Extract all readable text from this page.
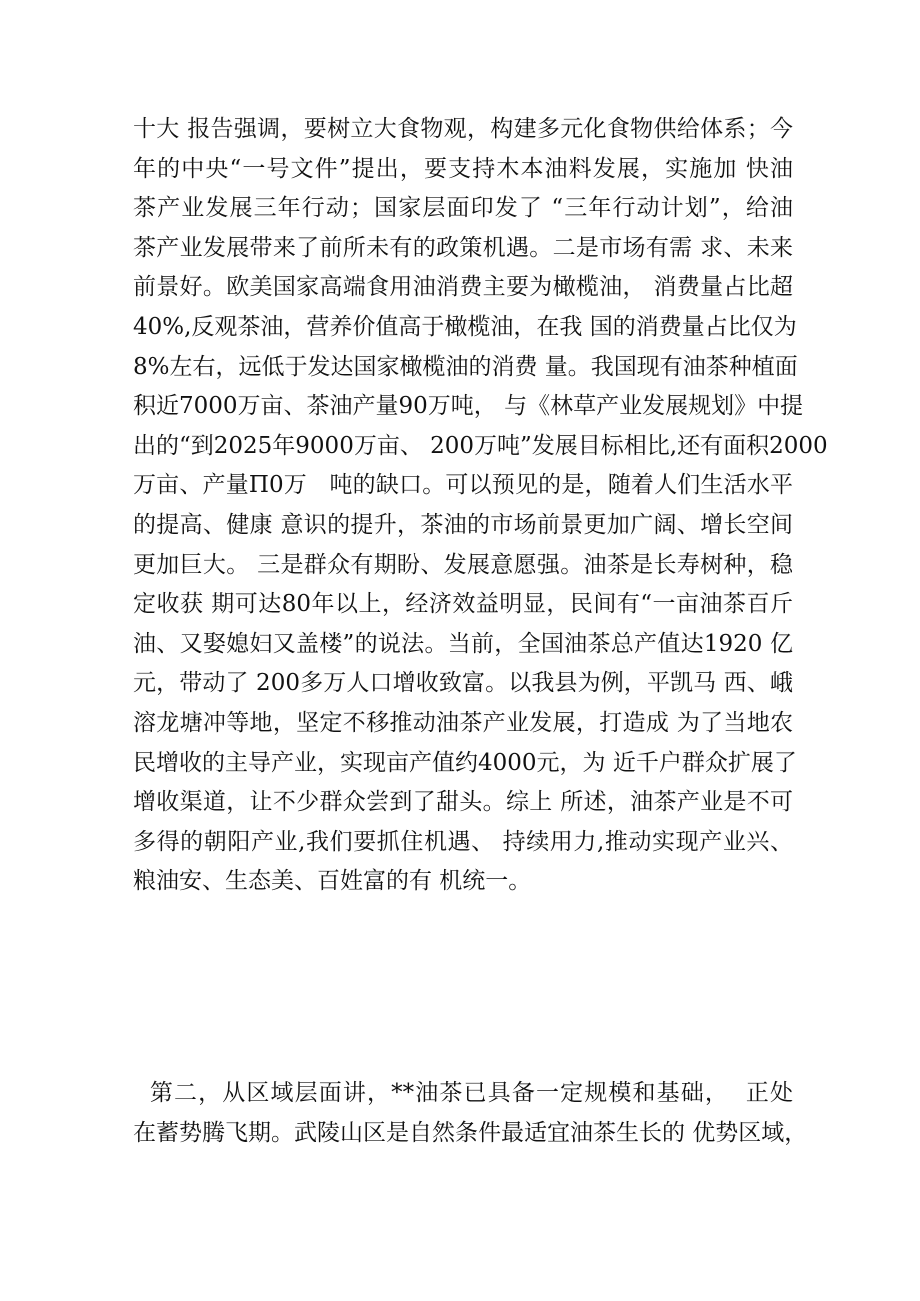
十大 报告强调，要树立大食物观，构建多元化食物供给体系；今
年的中央“一号文件”提出，要支持木本油料发展，实施加 快油
茶产业发展三年行动；国家层面印发了 “三年行动计划”，给油
茶产业发展带来了前所未有的政策机遇。二是市场有需 求、未来
前景好。欧美国家高端食用油消费主要为橄榄油， 消费量占比超
40%,反观茶油，营养价值高于橄榄油，在我 国的消费量占比仅为
8%左右，远低于发达国家橄榄油的消费 量。我国现有油茶种植面
积近7000万亩、茶油产量90万吨， 与《林草产业发展规划》中提
出的“到2025年9000万亩、 200万吨”发展目标相比,还有面积2000
万亩、产量Π0万   吨的缺口。可以预见的是，随着人们生活水平
的提高、健康 意识的提升，茶油的市场前景更加广阔、增长空间
更加巨大。 三是群众有期盼、发展意愿强。油茶是长寿树种，稳
定收获 期可达80年以上，经济效益明显，民间有“一亩油茶百斤
油、又娶媳妇又盖楼”的说法。当前，全国油茶总产值达1920 亿
元，带动了 200多万人口增收致富。以我县为例，平凯马 西、峨
溶龙塘冲等地，坚定不移推动油茶产业发展，打造成 为了当地农
民增收的主导产业，实现亩产值约4000元，为 近千户群众扩展了
增收渠道，让不少群众尝到了甜头。综上 所述，油茶产业是不可
多得的朝阳产业,我们要抓住机遇、 持续用力,推动实现产业兴、
粮油安、生态美、百姓富的有 机统一。
第二，从区域层面讲，**油茶已具备一定规模和基础，  正处
在蓄势腾飞期。武陵山区是自然条件最适宜油茶生长的 优势区域，
